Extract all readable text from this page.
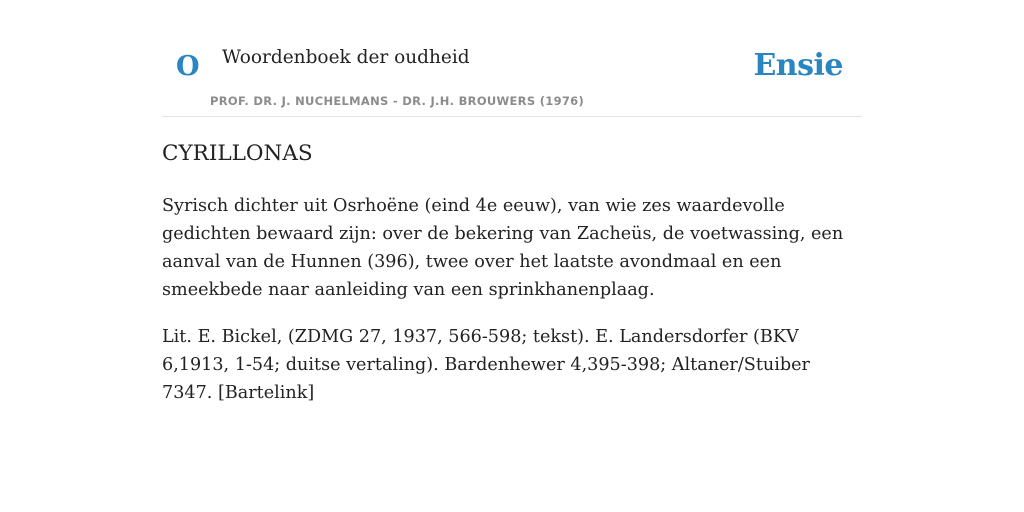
O Woordenboek der oudheid
PROF. DR. J. NUCHELMANS - DR. J.H. BROUWERS (1976)
Ensie
CYRILLONAS

Syrisch dichter uit Osrhoëne (eind 4e eeuw), van wie zes waardevolle gedichten bewaard zijn: over de bekering van Zacheüs, de voetwassing, een aanval van de Hunnen (396), twee over het laatste avondmaal en een smeekbede naar aanleiding van een sprinkhanenplaag.

Lit. E. Bickel, (ZDMG 27, 1937, 566-598; tekst). E. Landersdorfer (BKV 6,1913, 1-54; duitse vertaling). Bardenhewer 4,395-398; Altaner/Stuiber 7347. [Bartelink]
